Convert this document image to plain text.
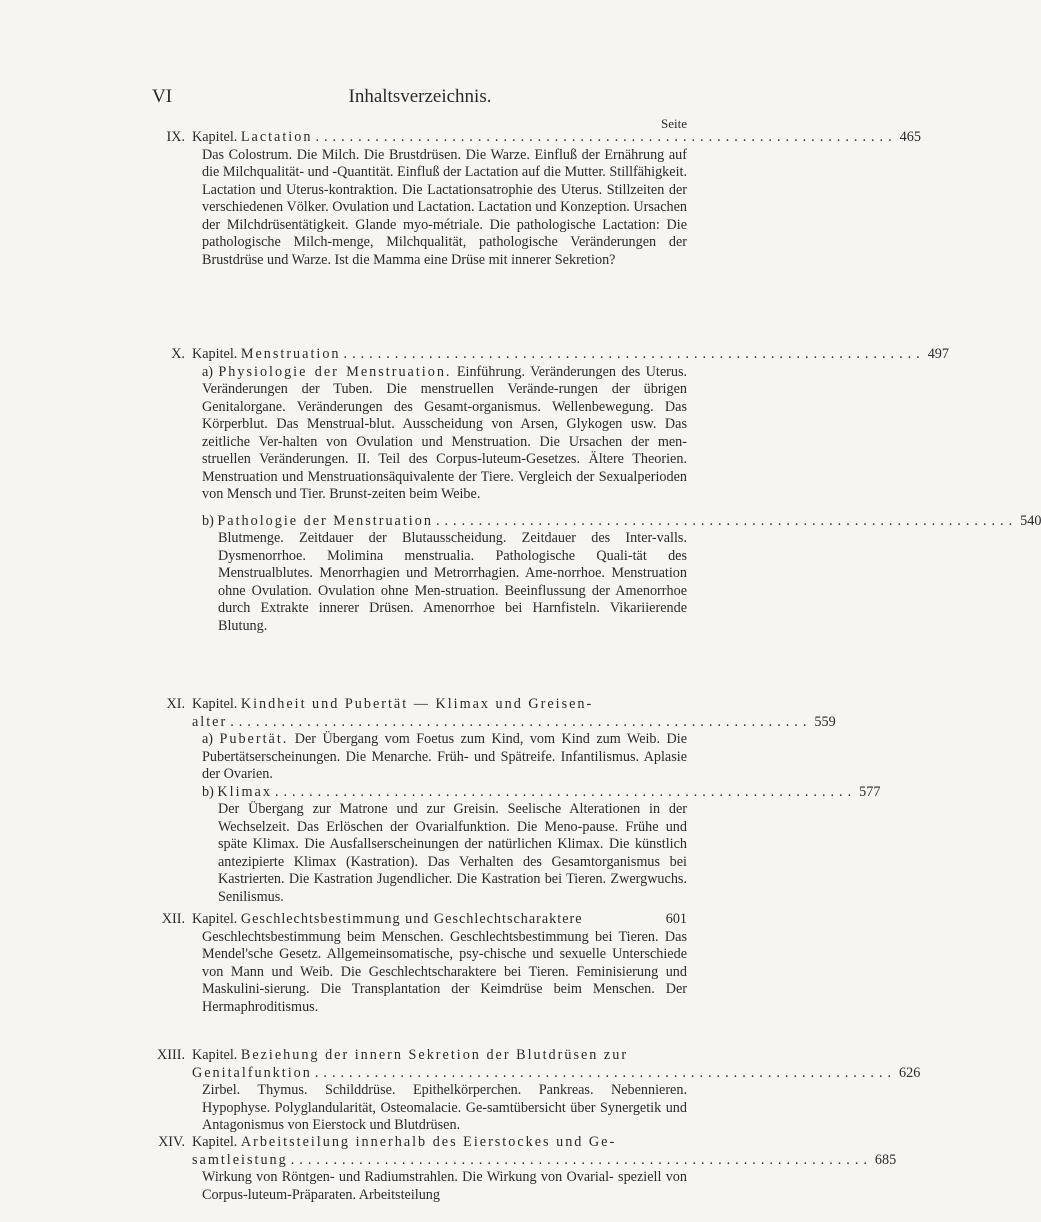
VI	Inhaltsverzeichnis.
Seite
IX. Kapitel.
Lactation .................................................................... 465
Das Colostrum. Die Milch. Die Brustdrüsen. Die Warze. Einfluß der Ernährung auf die Milchqualität- und -Quantität. Einfluß der Lactation auf die Mutter. Stillfähigkeit. Lactation und Uterus-kontraktion. Die Lactationsatrophie des Uterus. Stillzeiten der verschiedenen Völker. Ovulation und Lactation. Lactation und Konzeption. Ursachen der Milchdrüsentätigkeit. Glande myo-métriale. Die pathologische Lactation: Die pathologische Milch-menge, Milchqualität, pathologische Veränderungen der Brustdrüse und Warze. Ist die Mamma eine Drüse mit innerer Sekretion?
X. Kapitel.
Menstruation .................................................................... 497
a) Physiologie der Menstruation. Einführung. Veränderungen des Uterus. Veränderungen der Tuben. Die menstruellen Verände-rungen der übrigen Genitalorgane. Veränderungen des Gesamt-organismus. Wellenbewegung. Das Körperblut. Das Menstrual-blut. Ausscheidung von Arsen, Glykogen usw. Das zeitliche Ver-halten von Ovulation und Menstruation. Die Ursachen der men-struellen Veränderungen. II. Teil des Corpus-luteum-Gesetzes. Ältere Theorien. Menstruation und Menstruationsäquivalente der Tiere. Vergleich der Sexualperioden von Mensch und Tier. Brunst-zeiten beim Weibe.
b)
Pathologie der Menstruation .................................................................... 540
Blutmenge. Zeitdauer der Blutausscheidung. Zeitdauer des Inter-valls. Dysmenorrhoe. Molimina menstrualia. Pathologische Quali-tät des Menstrualblutes. Menorrhagien und Metrorrhagien. Ame-norrhoe. Menstruation ohne Ovulation. Ovulation ohne Men-struation. Beeinflussung der Amenorrhoe durch Extrakte innerer Drüsen. Amenorrhoe bei Harnfisteln. Vikariierende Blutung.
XI. Kapitel.
Kindheit und Pubertät — Klimax und Greisen-
alter .................................................................... 559
a) Pubertät. Der Übergang vom Foetus zum Kind, vom Kind zum Weib. Die Pubertätserscheinungen. Die Menarche. Früh- und Spätreife. Infantilismus. Aplasie der Ovarien.
b)
Klimax .................................................................... 577
Der Übergang zur Matrone und zur Greisin. Seelische Alterationen in der Wechselzeit. Das Erlöschen der Ovarialfunktion. Die Meno-pause. Frühe und späte Klimax. Die Ausfallserscheinungen der natürlichen Klimax. Die künstlich antezipierte Klimax (Kastration). Das Verhalten des Gesamtorganismus bei Kastrierten. Die Kastration Jugendlicher. Die Kastration bei Tieren. Zwergwuchs. Senilismus.
XII. Kapitel.
Geschlechtsbestimmung und Geschlechtscharaktere	601
Geschlechtsbestimmung beim Menschen. Geschlechtsbestimmung bei Tieren. Das Mendel'sche Gesetz. Allgemeinsomatische, psy-chische und sexuelle Unterschiede von Mann und Weib. Die Geschlechtscharaktere bei Tieren. Feminisierung und Maskulini-sierung. Die Transplantation der Keimdrüse beim Menschen. Der Hermaphroditismus.
XIII. Kapitel.
Beziehung der innern Sekretion der Blutdrüsen zur
Genitalfunktion .................................................................... 626
Zirbel. Thymus. Schilddrüse. Epithelkörperchen. Pankreas. Nebennieren. Hypophyse. Polyglandularität, Osteomalacie. Ge-samtübersicht über Synergetik und Antagonismus von Eierstock und Blutdrüsen.
XIV. Kapitel.
Arbeitsteilung innerhalb des Eierstockes und Ge-
samtleistung .................................................................... 685
Wirkung von Röntgen- und Radiumstrahlen. Die Wirkung von Ovarial- speziell von Corpus-luteum-Präparaten. Arbeitsteilung
